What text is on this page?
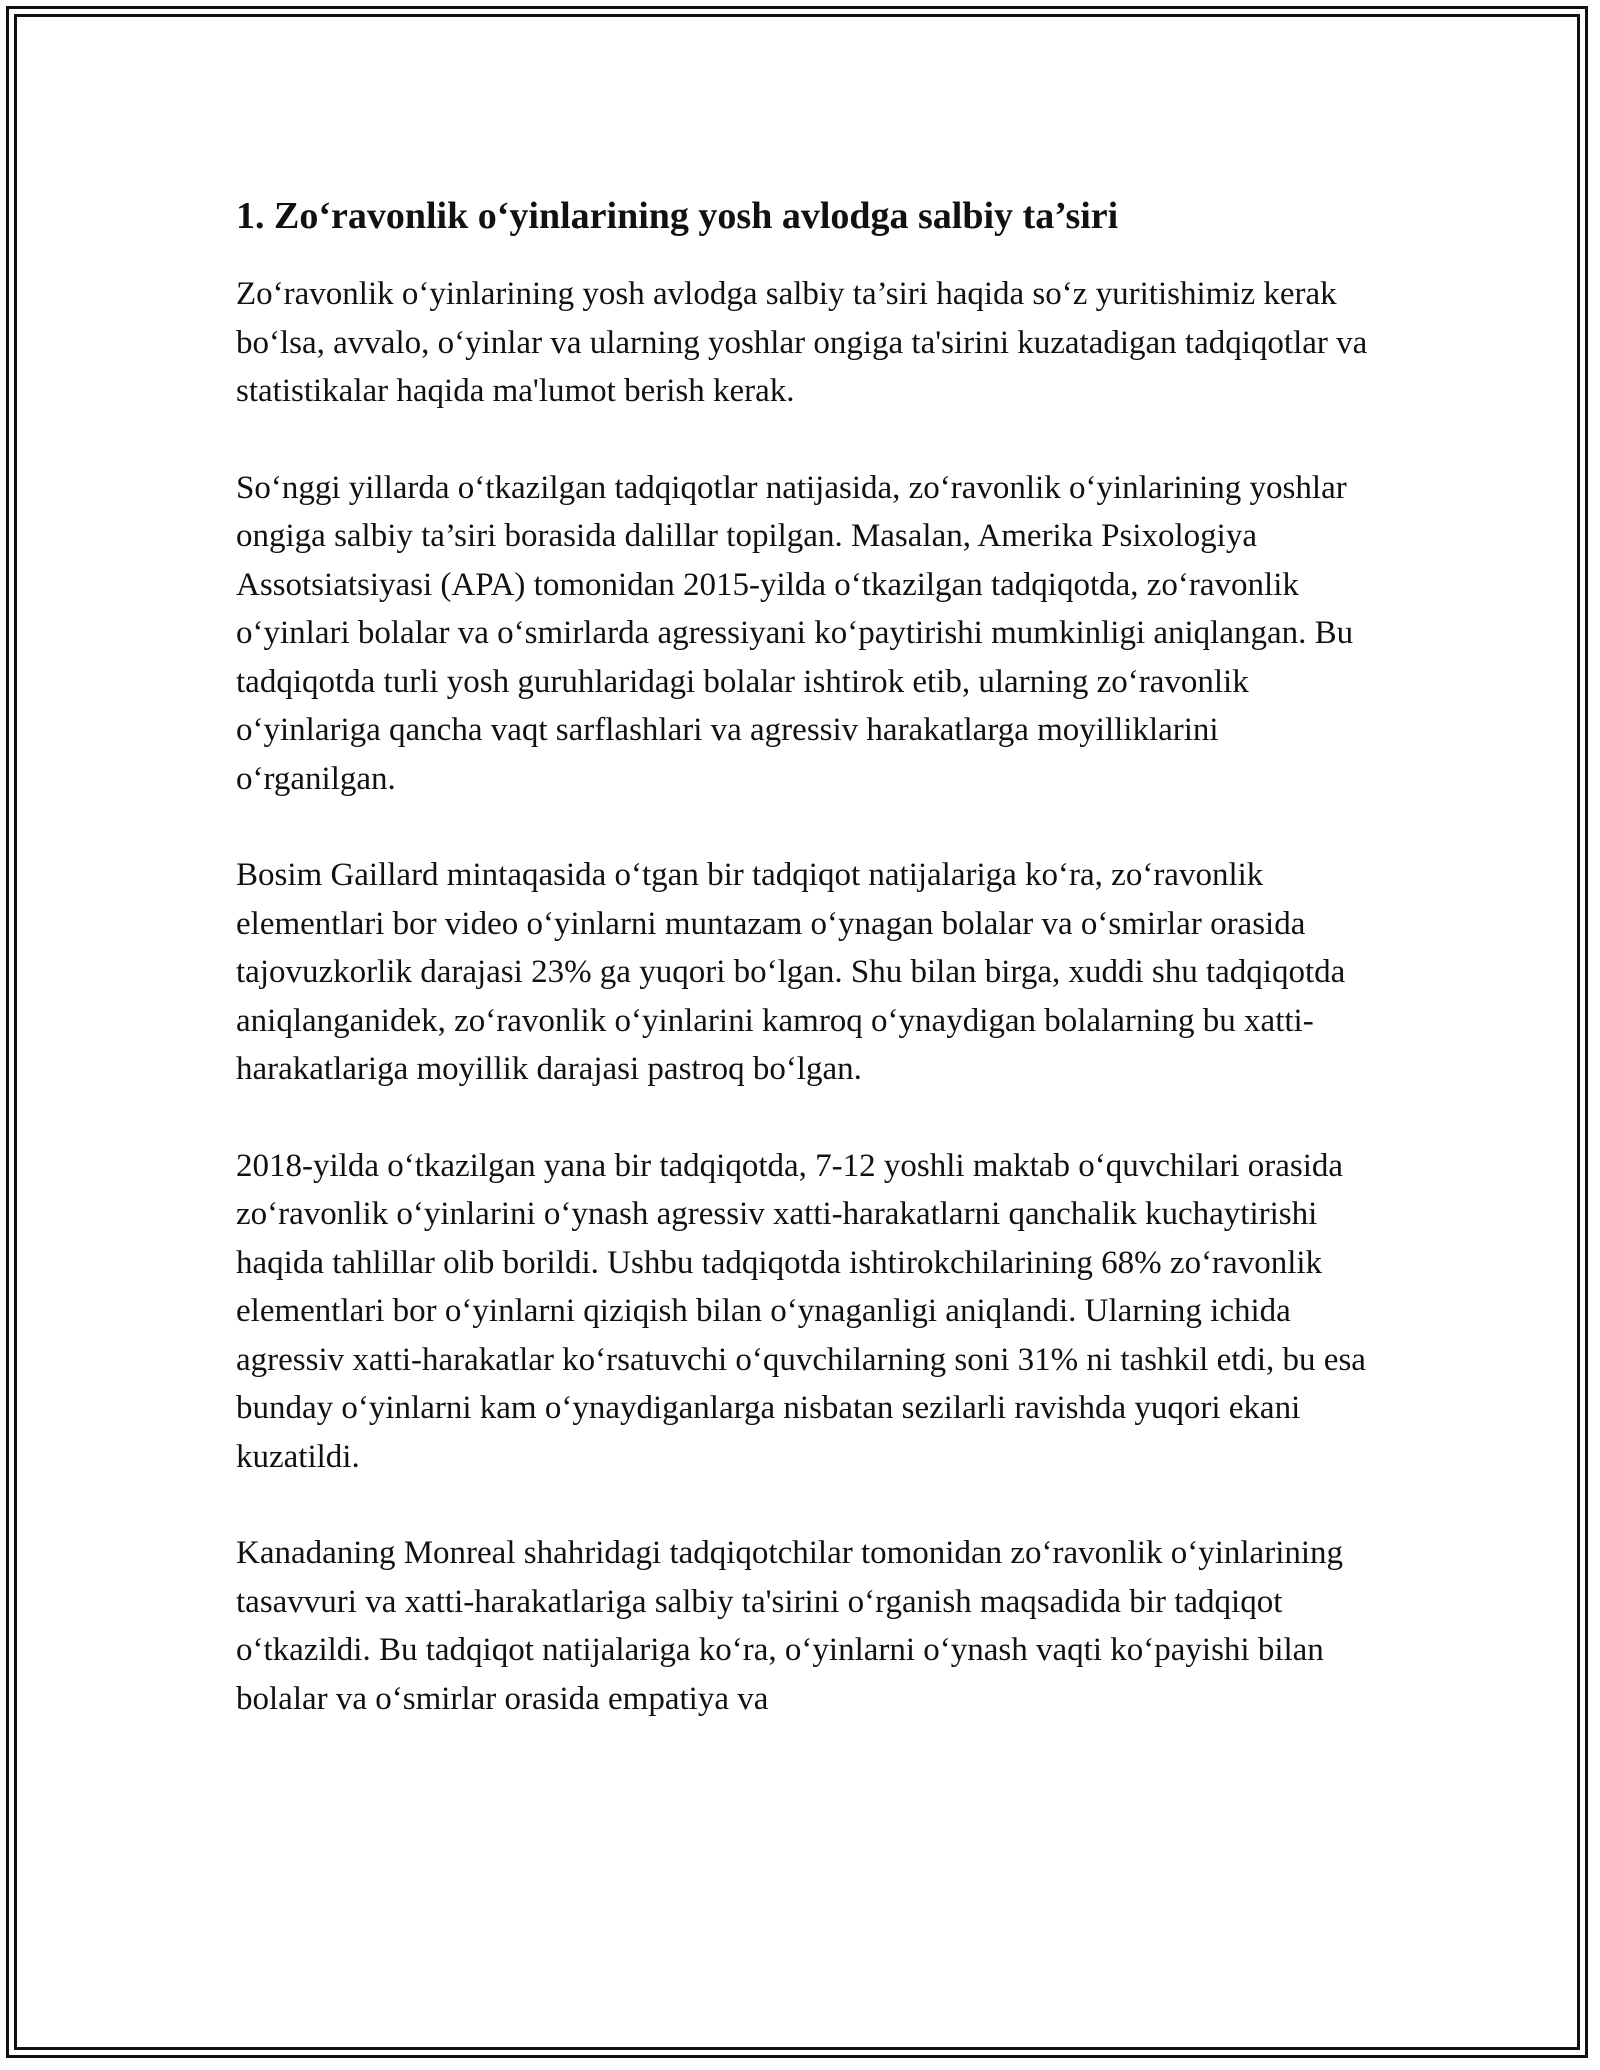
1. Zo‘ravonlik o‘yinlarining yosh avlodga salbiy ta’siri

Zo‘ravonlik o‘yinlarining yosh avlodga salbiy ta’siri haqida so‘z yuritishimiz kerak bo‘lsa, avvalo, o‘yinlar va ularning yoshlar ongiga ta'sirini kuzatadigan tadqiqotlar va statistikalar haqida ma'lumot berish kerak.

So‘nggi yillarda o‘tkazilgan tadqiqotlar natijasida, zo‘ravonlik o‘yinlarining yoshlar ongiga salbiy ta’siri borasida dalillar topilgan. Masalan, Amerika Psixologiya Assotsiatsiyasi (APA) tomonidan 2015-yilda o‘tkazilgan tadqiqotda, zo‘ravonlik o‘yinlari bolalar va o‘smirlarda agressiyani ko‘paytirishi mumkinligi aniqlangan. Bu tadqiqotda turli yosh guruhlaridagi bolalar ishtirok etib, ularning zo‘ravonlik o‘yinlariga qancha vaqt sarflashlari va agressiv harakatlarga moyilliklarini o‘rganilgan.

Bosim Gaillard mintaqasida o‘tgan bir tadqiqot natijalariga ko‘ra, zo‘ravonlik elementlari bor video o‘yinlarni muntazam o‘ynagan bolalar va o‘smirlar orasida tajovuzkorlik darajasi 23% ga yuqori bo‘lgan. Shu bilan birga, xuddi shu tadqiqotda aniqlanganidek, zo‘ravonlik o‘yinlarini kamroq o‘ynaydigan bolalarning bu xatti-harakatlariga moyillik darajasi pastroq bo‘lgan.

2018-yilda o‘tkazilgan yana bir tadqiqotda, 7-12 yoshli maktab o‘quvchilari orasida zo‘ravonlik o‘yinlarini o‘ynash agressiv xatti-harakatlarni qanchalik kuchaytirishi haqida tahlillar olib borildi. Ushbu tadqiqotda ishtirokchilarining 68% zo‘ravonlik elementlari bor o‘yinlarni qiziqish bilan o‘ynaganligi aniqlandi. Ularning ichida agressiv xatti-harakatlar ko‘rsatuvchi o‘quvchilarning soni 31% ni tashkil etdi, bu esa bunday o‘yinlarni kam o‘ynaydiganlarga nisbatan sezilarli ravishda yuqori ekani kuzatildi.

Kanadaning Monreal shahridagi tadqiqotchilar tomonidan zo‘ravonlik o‘yinlarining tasavvuri va xatti-harakatlariga salbiy ta'sirini o‘rganish maqsadida bir tadqiqot o‘tkazildi. Bu tadqiqot natijalariga ko‘ra, o‘yinlarni o‘ynash vaqti ko‘payishi bilan bolalar va o‘smirlar orasida empatiya va
